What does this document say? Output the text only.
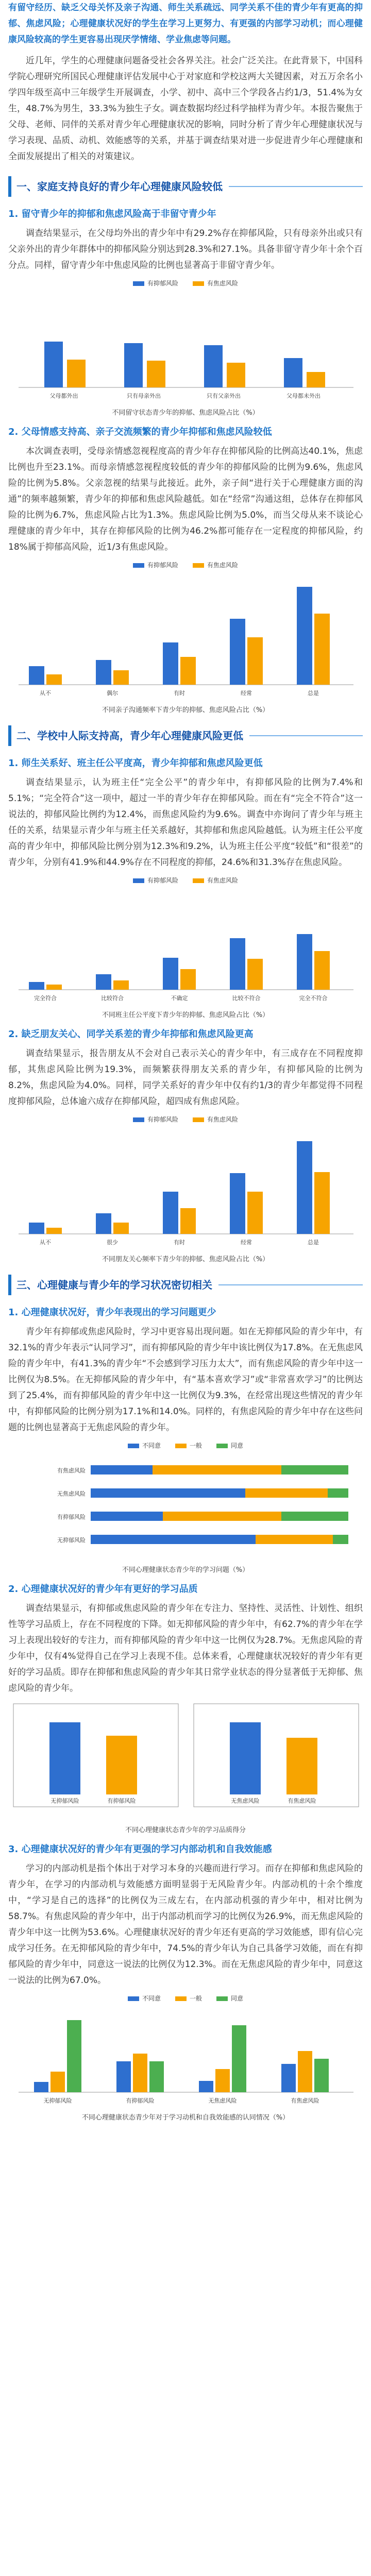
有留守经历、缺乏父母关怀及亲子沟通、师生关系疏远、同学关系不佳的青少年有更高的抑郁、焦虑风险；心理健康状况好的学生在学习上更努力、有更强的内部学习动机；而心理健康风险较高的学生更容易出现厌学情绪、学业焦虑等问题。

近几年，学生的心理健康问题备受社会各界关注。社会广泛关注。在此背景下，中国科学院心理研究所国民心理健康评估发展中心于对家庭和学校这两大关键因素，对五万余名小学四年级至高中三年级学生开展调查，小学、初中、高中三个学段各占约1/3，51.4%为女生，48.7%为男生，33.3%为独生子女。调查数据均经过科学抽样为青少年。本报告聚焦于父母、老师、同伴的关系对青少年心理健康状况的影响，同时分析了青少年心理健康状况与学习表现、品质、动机、效能感等的关系，并基于调查结果对进一步促进青少年心理健康和全面发展提出了相关的对策建议。

一、家庭支持良好的青少年心理健康风险较低
1. 留守青少年的抑郁和焦虑风险高于非留守青少年

调查结果显示，在父母均外出的青少年中有29.2%存在抑郁风险，只有母亲外出或只有父亲外出的青少年群体中的抑郁风险分别达到28.3%和27.1%。具备非留守青少年十余个百分点。同样，留守青少年中焦虑风险的比例也显著高于非留守青少年。

有抑郁风险	有焦虑风险
父母都外出	只有母亲外出	只有父亲外出	父母都未外出
不同留守状态青少年的抑郁、焦虑风险占比（%）
2. 父母情感支持高、亲子交流频繁的青少年抑郁和焦虑风险较低

本次调查表明，受母亲情感忽视程度高的青少年存在抑郁风险的比例高达40.1%，焦虑比例也升至23.1%。而母亲情感忽视程度较低的青少年的抑郁风险的比例为9.6%，焦虑风险的比例为5.8%。父亲忽视的结果与此接近。此外，亲子间“进行关于心理健康方面的沟通”的频率越频繁，青少年的抑郁和焦虑风险越低。如在“经常”沟通这组，总体存在抑郁风险的比例为6.7%，焦虑风险占比为1.3%。焦虑风险比例为5.0%，而当父母从来不谈论心理健康的青少年中，其存在抑郁风险的比例为46.2%都可能存在一定程度的抑郁风险，约18%属于抑郁高风险，近1/3有焦虑风险。

有抑郁风险	有焦虑风险
从不	偶尔	有时	经常	总是
不同亲子沟通频率下青少年的抑郁、焦虑风险占比（%）
二、学校中人际支持高，青少年心理健康风险更低
1. 师生关系好、班主任公平度高，青少年抑郁和焦虑风险更低

调查结果显示，认为班主任“完全公平”的青少年中，有抑郁风险的比例为7.4%和5.1%；“完全符合”这一项中，超过一半的青少年存在抑郁风险。而在有“完全不符合”这一说法的，抑郁风险比例约为12.4%，而焦虑风险约为9.6%。调查中亦询问了青少年与班主任的关系，结果显示青少年与班主任关系越好，其抑郁和焦虑风险越低。认为班主任公平度高的青少年中，抑郁风险比例分别为12.3%和9.2%，认为班主任公平度“较低”和“很差”的青少年，分别有41.9%和44.9%存在不同程度的抑郁，24.6%和31.3%存在焦虑风险。

有抑郁风险	有焦虑风险
完全符合	比较符合	不确定	比较不符合	完全不符合
不同班主任公平度下青少年的抑郁、焦虑风险占比（%）
2. 缺乏朋友关心、同学关系差的青少年抑郁和焦虑风险更高

调查结果显示，报告朋友从不会对自己表示关心的青少年中，有三成存在不同程度抑郁，其焦虑风险比例为19.3%，而频繁获得朋友关系的青少年，有抑郁风险的比例为8.2%，焦虑风险为4.0%。同样，同学关系好的青少年中仅有约1/3的青少年都觉得不同程度抑郁风险，总体逾六成存在抑郁风险，超四成有焦虑风险。

有抑郁风险	有焦虑风险
从不	很少	有时	经常	总是
不同朋友关心频率下青少年的抑郁、焦虑风险占比（%）
三、心理健康与青少年的学习状况密切相关
1. 心理健康状况好，青少年表现出的学习问题更少

青少年有抑郁或焦虑风险时，学习中更容易出现问题。如在无抑郁风险的青少年中，有32.1%的青少年表示“认同学习”，而有抑郁风险的青少年中该比例仅为17.8%。在无焦虑风险的青少年中，有41.3%的青少年“不会感到学习压力太大”，而有焦虑风险的青少年中这一比例仅为8.5%。在无抑郁风险的青少年中，有“基本喜欢学习”或“非常喜欢学习”的比例达到了25.4%，而有抑郁风险的青少年中这一比例仅为9.3%，在经常出现这些情况的青少年中，有抑郁风险的比例分别为17.1%和14.0%。同样的，有焦虑风险的青少年中存在这些问题的比例也显著高于无焦虑风险的青少年。

不同意	一般	同意
有焦虑风险
无焦虑风险
有抑郁风险
无抑郁风险
不同心理健康状态青少年的学习问题（%）
2. 心理健康状况好的青少年有更好的学习品质

调查结果显示，有抑郁或焦虑风险的青少年在专注力、坚持性、灵活性、计划性、组织性等学习品质上，存在不同程度的下降。如无抑郁风险的青少年中，有62.7%的青少年在学习上表现出较好的专注力，而有抑郁风险的青少年中这一比例仅为28.7%。无焦虑风险的青少年中，仅有4%觉得自己在学习上表现不佳。总体来看，心理健康状况较好的青少年有更好的学习品质。即存在抑郁和焦虑风险的青少年其日常学业状态的得分显著低于无抑郁、焦虑风险的青少年。

无抑郁风险	有抑郁风险	无焦虑风险	有焦虑风险
不同心理健康状态青少年的学习品质得分
3. 心理健康状况好的青少年有更强的学习内部动机和自我效能感

学习的内部动机是指个体出于对学习本身的兴趣而进行学习。而存在抑郁和焦虑风险的青少年，在学习的内部动机与效能感方面明显弱于无风险青少年。内部动机的十余个维度中，“学习是自己的选择”的比例仅为三成左右，在内部动机强的青少年中，相对比例为58.7%。有焦虑风险的青少年中，出于内部动机而学习的比例仅为26.9%，而无焦虑风险的青少年中这一比例为53.6%。心理健康状况好的青少年还有更高的学习效能感，即有信心完成学习任务。在无抑郁风险的青少年中，74.5%的青少年认为自己具备学习效能，而在有抑郁风险的青少年中，同意这一说法的比例仅为12.3%。而在无焦虑风险的青少年中，同意这一说法的比例为67.0%。

不同意	一般	同意
无抑郁风险	有抑郁风险	无焦虑风险	有焦虑风险
不同心理健康状态青少年对于学习动机和自我效能感的认同情况（%）
